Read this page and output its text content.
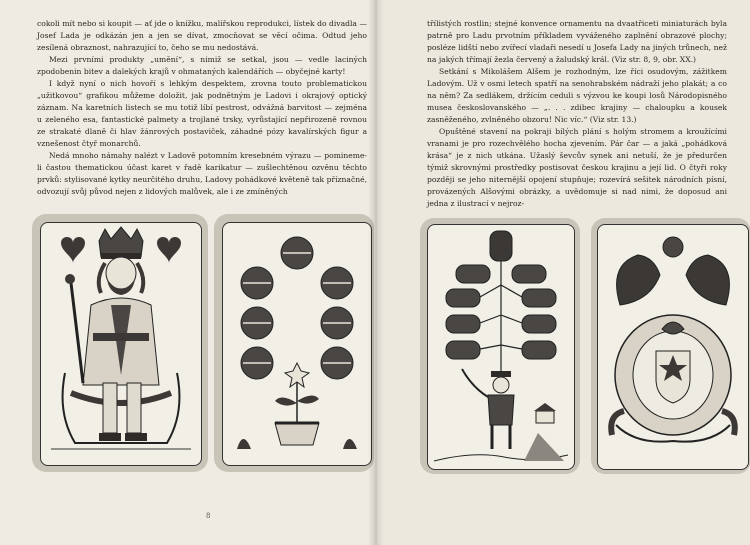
cokoli mít nebo si koupit — ať jde o knížku, malířskou reprodukci, lístek do divadla — Josef Lada je odkázán jen a jen se dívat, zmocňovat se věcí očima. Odtud jeho zesílená obraznost, nahrazující to, čeho se mu nedostává.

Mezi prvními produkty „umění“, s nimiž se setkal, jsou — vedle laciných zpodobenin bitev a dalekých krajů v ohmataných kalendářích — obyčejné karty!

I když nyní o nich hovoří s lehkým despektem, zrovna touto problematickou „užitkovou“ grafikou můžeme doložit, jak podnětným je Ladovi i okrajový optický záznam. Na karetních listech se mu totiž líbí pestrost, odvážná barvitost — zejména u zeleného esa, fantastické palmety a trojlané trsky, vyrůstající nepřirozeně rovnou ze strakaté dlaně či hlav žánrových postaviček, záhadné pózy kavalírských figur a vznešenost čtyř monarchů.

Nedá mnoho námahy nalézt v Ladově potomním kresebném výrazu — pomineme-li častou thematickou účast karet v řadě karikatur — zušlechtěnou ozvěnu těchto prvků: stylisované kytky neurčitého druhu, Ladovy pohádkové květeně tak příznačné, odvozují svůj původ nejen z lidových malůvek, ale i ze zmíněných

8

třílistých rostlin; stejné konvence ornamentu na dvaatřiceti miniaturách byla patrně pro Ladu prvotním příkladem vyváženého zaplnění obrazové plochy; posléze lidští nebo zvířecí vladaři nesedí u Josefa Lady na jiných trůnech, než na jakých třímají žezla červený a žaludský král. (Viz str. 8, 9, obr. XX.)

Setkání s Mikolášem Alšem je rozhodným, lze říci osudovým, zážitkem Ladovým. Už v osmi letech spatří na senohrabském nádraží jeho plakát; a co na něm? Za sedlákem, držícím ceduli s výzvou ke koupi losů Národopisného musea českoslovanského — „. . . zdibec krajiny — chaloupku a kousek zasněženého, zvlněného obzoru! Nic víc.“ (Viz str. 13.)

Opuštěné stavení na pokraji bílých plání s holým stromem a kroužícími vranami je pro rozechvělého hocha zjevením. Pár čar — a jaká „pohádková krása“ je z nich utkána. Užaslý ševcův synek ani netuší, že je předurčen týmiž skrovnými prostředky postisovat českou krajinu a její lid. O čtyři roky později se jeho niternější opojení stupňuje; rozevírá sešitek národních písní, provázených Alšovými obrázky, a uvědomuje si nad nimi, že doposud ani jedna z ilustrací v nejroz-
